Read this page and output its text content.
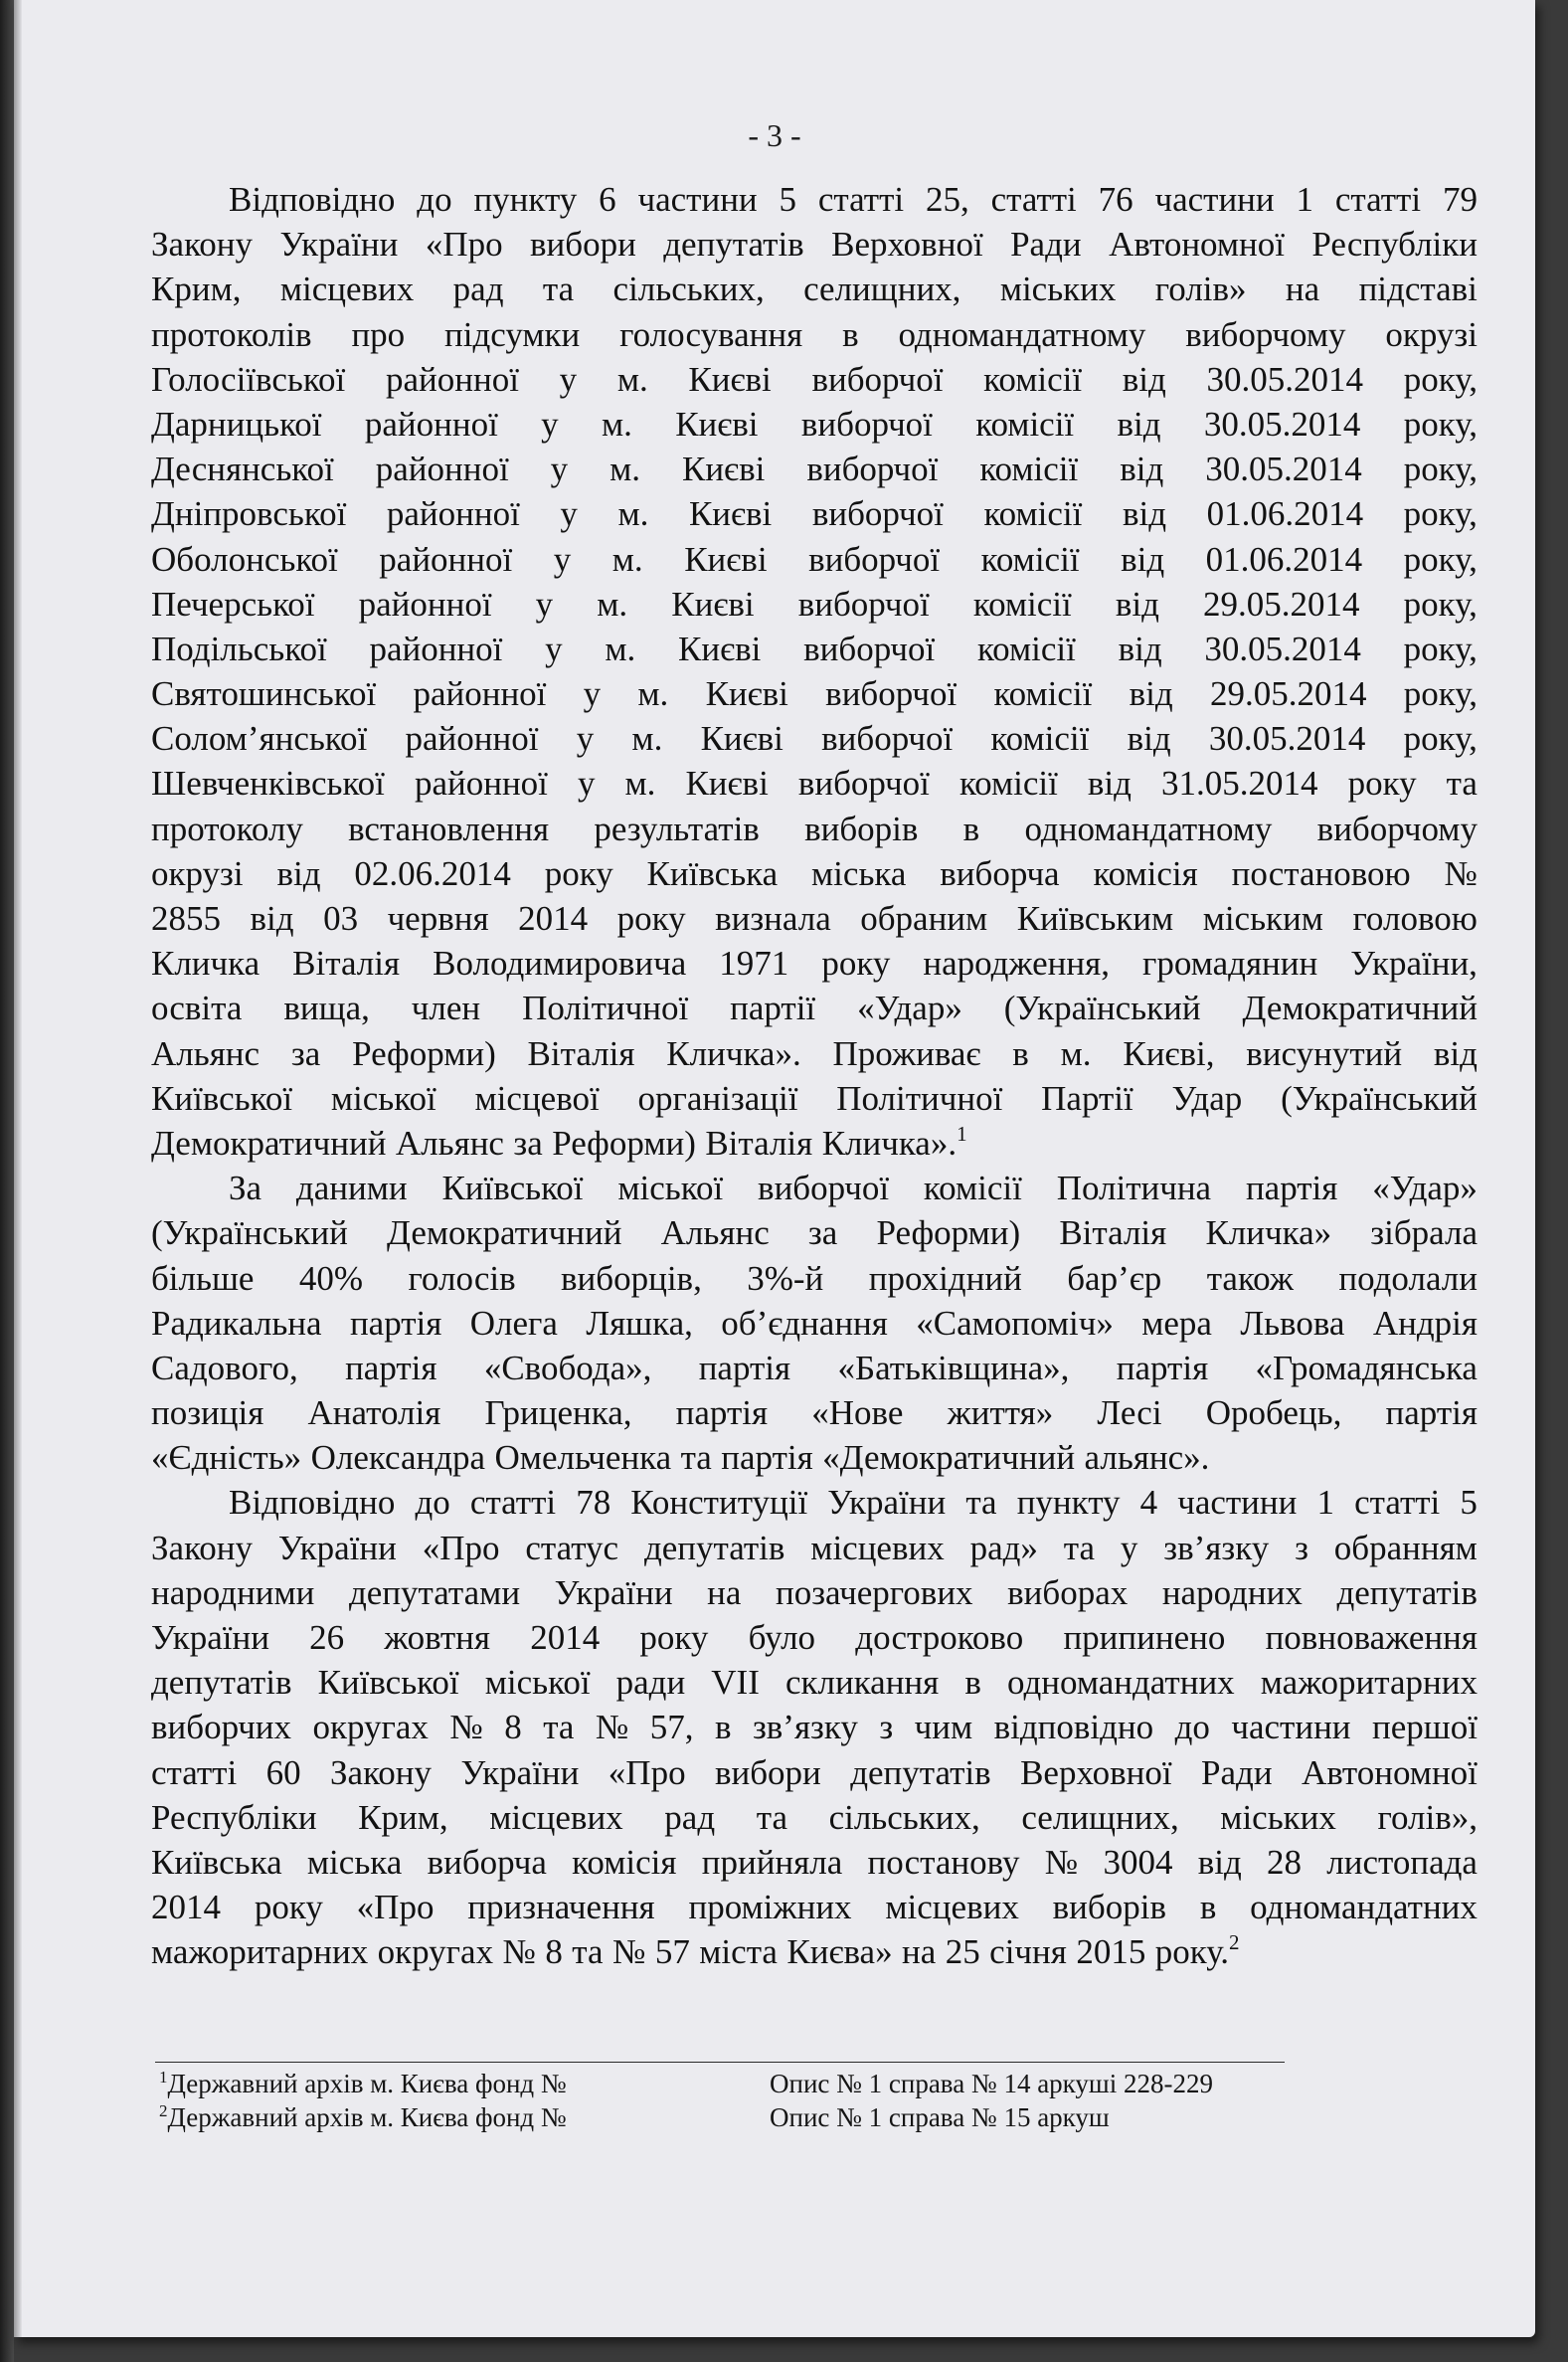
- 3 -
Відповідно до пункту 6 частини 5 статті 25, статті 76 частини 1 статті 79
Закону України «Про вибори депутатів Верховної Ради Автономної Республіки
Крим, місцевих рад та сільських, селищних, міських голів» на підставі
протоколів про підсумки голосування в одномандатному виборчому окрузі
Голосіївської районної у м. Києві виборчої комісії від 30.05.2014 року,
Дарницької районної у м. Києві виборчої комісії від 30.05.2014 року,
Деснянської районної у м. Києві виборчої комісії від 30.05.2014 року,
Дніпровської районної у м. Києві виборчої комісії від 01.06.2014 року,
Оболонської районної у м. Києві виборчої комісії від 01.06.2014 року,
Печерської районної у м. Києві виборчої комісії від 29.05.2014 року,
Подільської районної у м. Києві виборчої комісії від 30.05.2014 року,
Святошинської районної у м. Києві виборчої комісії від 29.05.2014 року,
Солом’янської районної у м. Києві виборчої комісії від 30.05.2014 року,
Шевченківської районної у м. Києві виборчої комісії від 31.05.2014 року та
протоколу встановлення результатів виборів в одномандатному виборчому
окрузі від 02.06.2014 року Київська міська виборча комісія постановою №
2855 від 03 червня 2014 року визнала обраним Київським міським головою
Кличка Віталія Володимировича 1971 року народження, громадянин України,
освіта вища, член Політичної партії «Удар» (Український Демократичний
Альянс за Реформи) Віталія Кличка». Проживає в м. Києві, висунутий від
Київської міської місцевої організації Політичної Партії Удар (Український
Демократичний Альянс за Реформи) Віталія Кличка».$^1$
За даними Київської міської виборчої комісії Політична партія «Удар»
(Український Демократичний Альянс за Реформи) Віталія Кличка» зібрала
більше 40% голосів виборців, 3%-й прохідний бар’єр також подолали
Радикальна партія Олега Ляшка, об’єднання «Самопоміч» мера Львова Андрія
Садового, партія «Свобода», партія «Батьківщина», партія «Громадянська
позиція Анатолія Гриценка, партія «Нове життя» Лесі Оробець, партія
«Єдність» Олександра Омельченка та партія «Демократичний альянс».
Відповідно до статті 78 Конституції України та пункту 4 частини 1 статті 5
Закону України «Про статус депутатів місцевих рад» та у зв’язку з обранням
народними депутатами України на позачергових виборах народних депутатів
України 26 жовтня 2014 року було достроково припинено повноваження
депутатів Київської міської ради VII скликання в одномандатних мажоритарних
виборчих округах № 8 та № 57, в зв’язку з чим відповідно до частини першої
статті 60 Закону України «Про вибори депутатів Верховної Ради Автономної
Республіки Крим, місцевих рад та сільських, селищних, міських голів»,
Київська міська виборча комісія прийняла постанову № 3004 від 28 листопада
2014 року «Про призначення проміжних місцевих виборів в одномандатних
мажоритарних округах № 8 та № 57 міста Києва» на 25 січня 2015 року.$^2$
$^1$Державний архів м. Києва фонд №	Опис № 1 справа № 14 аркуші 228-229
$^2$Державний архів м. Києва фонд №	Опис № 1 справа № 15 аркуш
